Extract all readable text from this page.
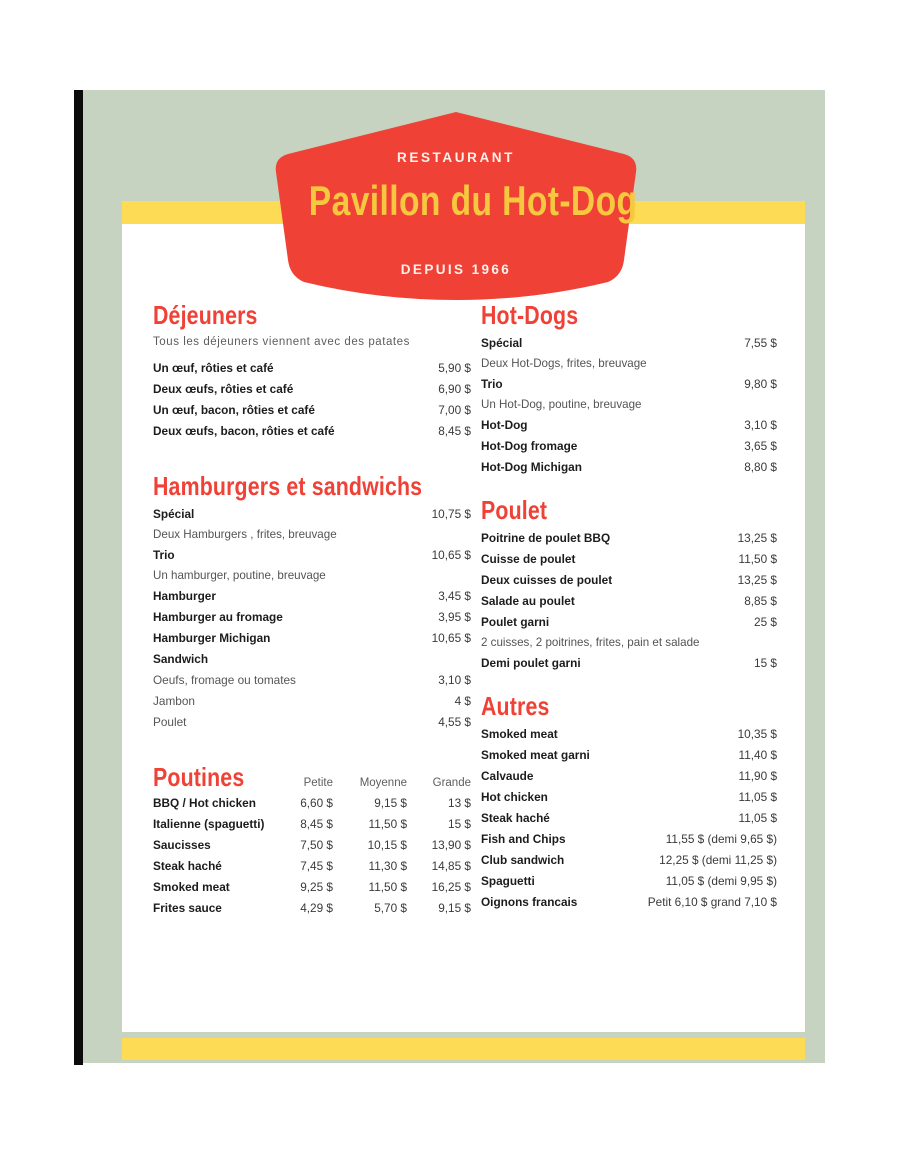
RESTAURANT
Pavillon du Hot-Dog
DEPUIS 1966
Déjeuners
Tous les déjeuners viennent avec des patates
Un œuf, rôties et café	5,90 $
Deux œufs, rôties et café	6,90 $
Un œuf, bacon, rôties et café	7,00 $
Deux œufs, bacon, rôties et café	8,45 $
Hamburgers et sandwichs
Spécial	10,75 $
Deux Hamburgers , frites, breuvage
Trio	10,65 $
Un hamburger, poutine, breuvage
Hamburger	3,45 $
Hamburger au fromage	3,95 $
Hamburger Michigan	10,65 $
Sandwich
Oeufs, fromage ou tomates	3,10 $
Jambon	4 $
Poulet	4,55 $
Poutines	Petite	Moyenne	Grande
BBQ / Hot chicken	6,60 $	9,15 $	13 $
Italienne (spaguetti)	8,45 $	11,50 $	15 $
Saucisses	7,50 $	10,15 $	13,90 $
Steak haché	7,45 $	11,30 $	14,85 $
Smoked meat	9,25 $	11,50 $	16,25 $
Frites sauce	4,29 $	5,70 $	9,15 $
Hot-Dogs
Spécial	7,55 $
Deux Hot-Dogs, frites, breuvage
Trio	9,80 $
Un Hot-Dog, poutine, breuvage
Hot-Dog	3,10 $
Hot-Dog fromage	3,65 $
Hot-Dog Michigan	8,80 $
Poulet
Poitrine de poulet BBQ	13,25 $
Cuisse de poulet	11,50 $
Deux cuisses de poulet	13,25 $
Salade au poulet	8,85 $
Poulet garni	25 $
2 cuisses, 2 poitrines, frites, pain et salade
Demi poulet garni	15 $
Autres
Smoked meat	10,35 $
Smoked meat garni	11,40 $
Calvaude	11,90 $
Hot chicken	11,05 $
Steak haché	11,05 $
Fish and Chips	11,55 $ (demi 9,65 $)
Club sandwich	12,25 $ (demi 11,25 $)
Spaguetti	11,05 $ (demi 9,95 $)
Oignons francais	Petit 6,10 $ grand 7,10 $
